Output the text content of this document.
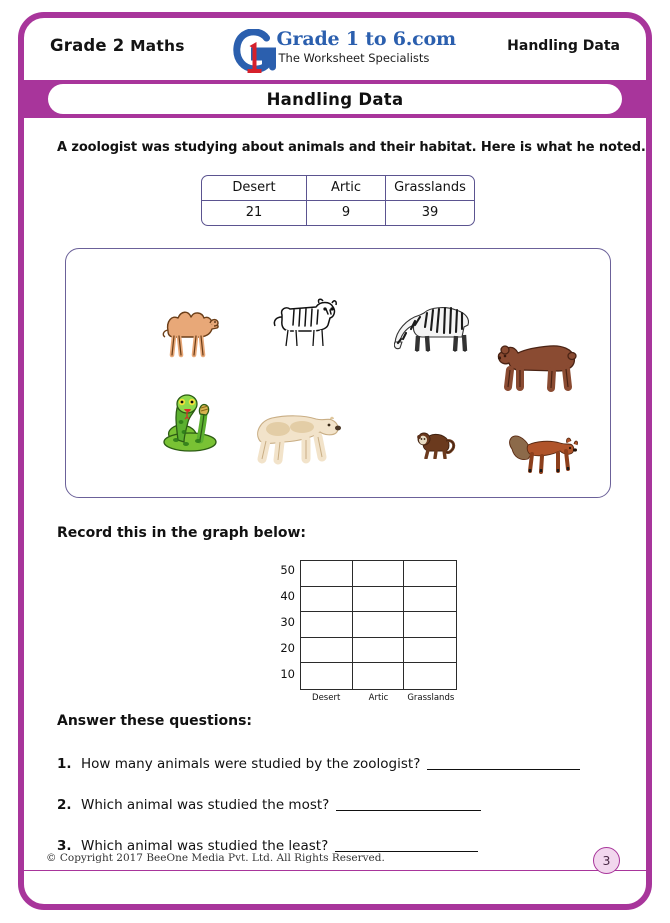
Grade 2 Maths	Grade 1 to 6.com
The Worksheet Specialists
Handling Data
Handling Data
A zoologist was studying about animals and their habitat. Here is what he noted.
Desert	Artic	Grasslands
21	9	39
Record this in the graph below:
50
40
30
20
10
Desert	Artic	Grasslands
Answer these questions:
1. How many animals were studied by the zoologist?
2. Which animal was studied the most?
3. Which animal was studied the least?
© Copyright 2017 BeeOne Media Pvt. Ltd. All Rights Reserved.	3
